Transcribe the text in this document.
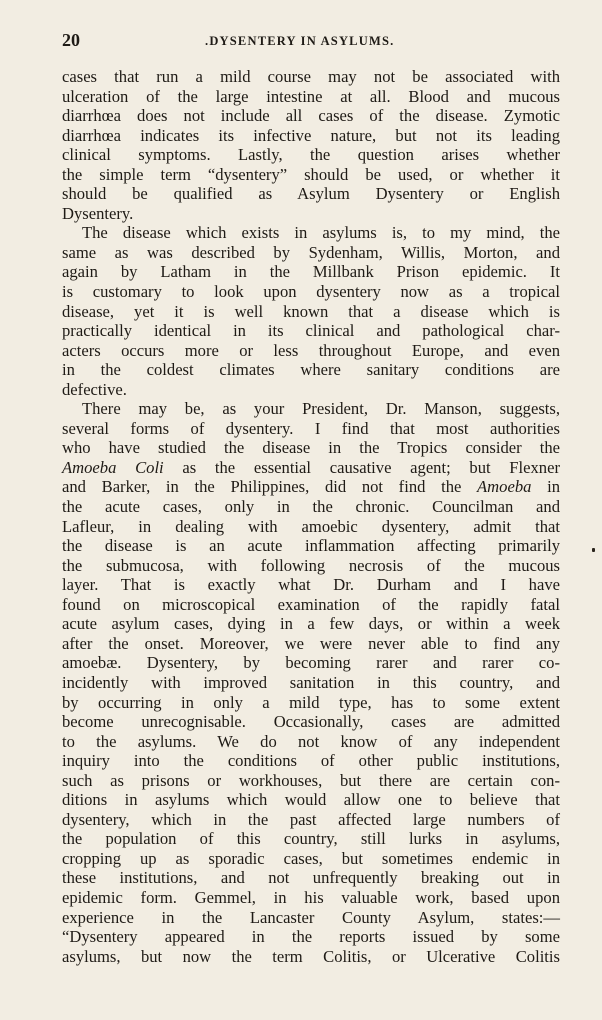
20	.DYSENTERY IN ASYLUMS.
cases that run a mild course may not be associated with
ulceration of the large intestine at all. Blood and mucous
diarrhœa does not include all cases of the disease. Zymotic
diarrhœa indicates its infective nature, but not its leading
clinical symptoms. Lastly, the question arises whether
the simple term “dysentery” should be used, or whether it
should be qualified as Asylum Dysentery or English
Dysentery.
The disease which exists in asylums is, to my mind, the
same as was described by Sydenham, Willis, Morton, and
again by Latham in the Millbank Prison epidemic. It
is customary to look upon dysentery now as a tropical
disease, yet it is well known that a disease which is
practically identical in its clinical and pathological char-
acters occurs more or less throughout Europe, and even
in the coldest climates where sanitary conditions are
defective.
There may be, as your President, Dr. Manson, suggests,
several forms of dysentery. I find that most authorities
who have studied the disease in the Tropics consider the
Amoeba Coli as the essential causative agent; but Flexner
and Barker, in the Philippines, did not find the Amoeba in
the acute cases, only in the chronic. Councilman and
Lafleur, in dealing with amoebic dysentery, admit that
the disease is an acute inflammation affecting primarily
the submucosa, with following necrosis of the mucous
layer. That is exactly what Dr. Durham and I have
found on microscopical examination of the rapidly fatal
acute asylum cases, dying in a few days, or within a week
after the onset. Moreover, we were never able to find any
amoebæ. Dysentery, by becoming rarer and rarer co-
incidently with improved sanitation in this country, and
by occurring in only a mild type, has to some extent
become unrecognisable. Occasionally, cases are admitted
to the asylums. We do not know of any independent
inquiry into the conditions of other public institutions,
such as prisons or workhouses, but there are certain con-
ditions in asylums which would allow one to believe that
dysentery, which in the past affected large numbers of
the population of this country, still lurks in asylums,
cropping up as sporadic cases, but sometimes endemic in
these institutions, and not unfrequently breaking out in
epidemic form. Gemmel, in his valuable work, based upon
experience in the Lancaster County Asylum, states:—
“Dysentery appeared in the reports issued by some
asylums, but now the term Colitis, or Ulcerative Colitis
